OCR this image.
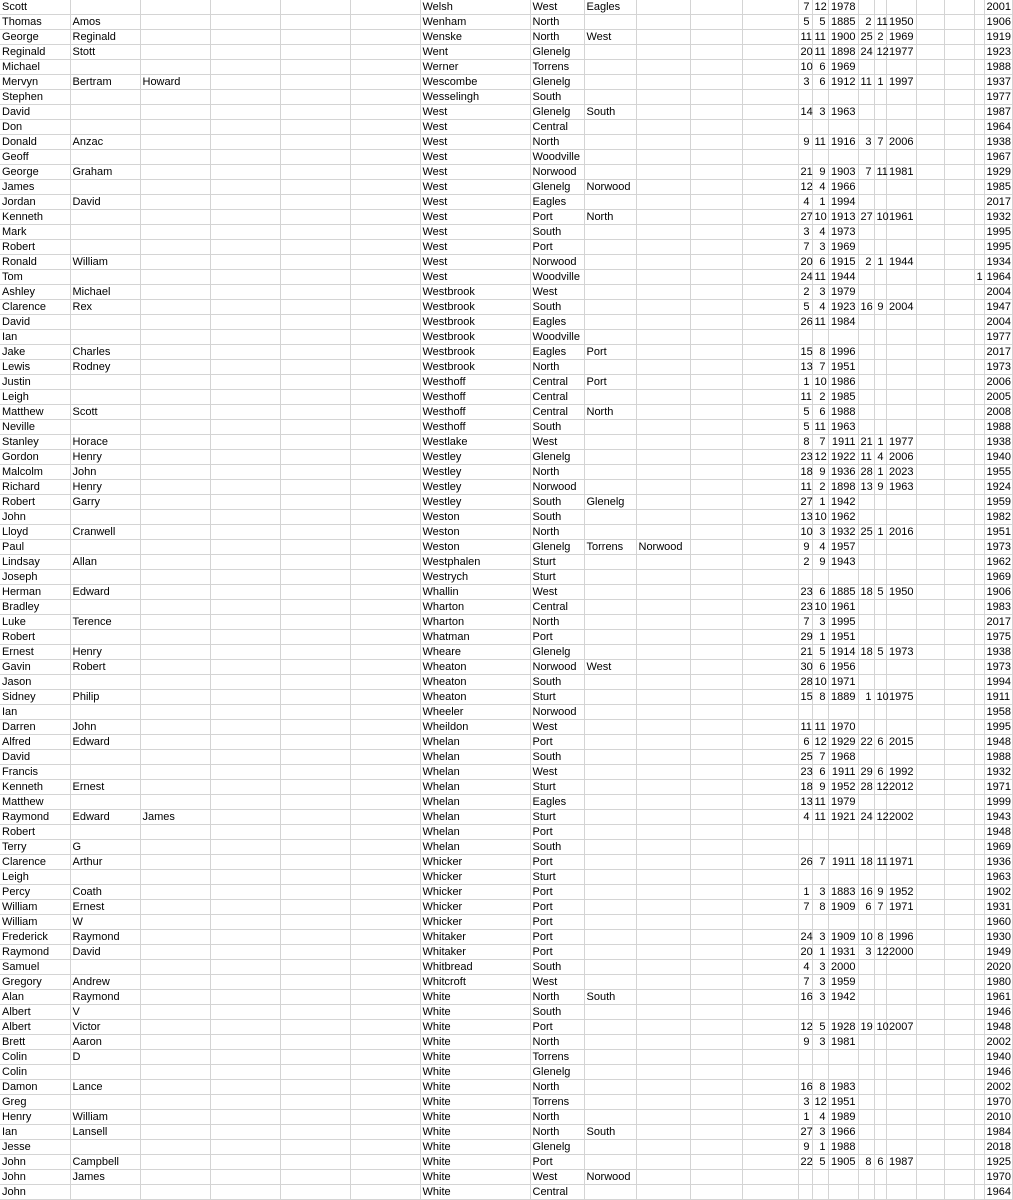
Scott						Welsh	West	Eagles				7	12	1978							2001
Thomas	Amos					Wenham	North					5	5	1885	2	11	1950				1906
George	Reginald					Wenske	North	West				11	11	1900	25	2	1969				1919
Reginald	Stott					Went	Glenelg					20	11	1898	24	12	1977				1923
Michael						Werner	Torrens					10	6	1969							1988
Mervyn	Bertram	Howard				Wescombe	Glenelg					3	6	1912	11	1	1997				1937
Stephen						Wesselingh	South														1977
David						West	Glenelg	South				14	3	1963							1987
Don						West	Central														1964
Donald	Anzac					West	North					9	11	1916	3	7	2006				1938
Geoff						West	Woodville														1967
George	Graham					West	Norwood					21	9	1903	7	11	1981				1929
James						West	Glenelg	Norwood				12	4	1966							1985
Jordan	David					West	Eagles					4	1	1994							2017
Kenneth						West	Port	North				27	10	1913	27	10	1961				1932
Mark						West	South					3	4	1973							1995
Robert						West	Port					7	3	1969							1995
Ronald	William					West	Norwood					20	6	1915	2	1	1944				1934
Tom						West	Woodville					24	11	1944						1	1964
Ashley	Michael					Westbrook	West					2	3	1979							2004
Clarence	Rex					Westbrook	South					5	4	1923	16	9	2004				1947
David						Westbrook	Eagles					26	11	1984							2004
Ian						Westbrook	Woodville														1977
Jake	Charles					Westbrook	Eagles	Port				15	8	1996							2017
Lewis	Rodney					Westbrook	North					13	7	1951							1973
Justin						Westhoff	Central	Port				1	10	1986							2006
Leigh						Westhoff	Central					11	2	1985							2005
Matthew	Scott					Westhoff	Central	North				5	6	1988							2008
Neville						Westhoff	South					5	11	1963							1988
Stanley	Horace					Westlake	West					8	7	1911	21	1	1977				1938
Gordon	Henry					Westley	Glenelg					23	12	1922	11	4	2006				1940
Malcolm	John					Westley	North					18	9	1936	28	1	2023				1955
Richard	Henry					Westley	Norwood					11	2	1898	13	9	1963				1924
Robert	Garry					Westley	South	Glenelg				27	1	1942							1959
John						Weston	South					13	10	1962							1982
Lloyd	Cranwell					Weston	North					10	3	1932	25	1	2016				1951
Paul						Weston	Glenelg	Torrens	Norwood			9	4	1957							1973
Lindsay	Allan					Westphalen	Sturt					2	9	1943							1962
Joseph						Westrych	Sturt														1969
Herman	Edward					Whallin	West					23	6	1885	18	5	1950				1906
Bradley						Wharton	Central					23	10	1961							1983
Luke	Terence					Wharton	North					7	3	1995							2017
Robert						Whatman	Port					29	1	1951							1975
Ernest	Henry					Wheare	Glenelg					21	5	1914	18	5	1973				1938
Gavin	Robert					Wheaton	Norwood	West				30	6	1956							1973
Jason						Wheaton	South					28	10	1971							1994
Sidney	Philip					Wheaton	Sturt					15	8	1889	1	10	1975				1911
Ian						Wheeler	Norwood														1958
Darren	John					Wheildon	West					11	11	1970							1995
Alfred	Edward					Whelan	Port					6	12	1929	22	6	2015				1948
David						Whelan	South					25	7	1968							1988
Francis						Whelan	West					23	6	1911	29	6	1992				1932
Kenneth	Ernest					Whelan	Sturt					18	9	1952	28	12	2012				1971
Matthew						Whelan	Eagles					13	11	1979							1999
Raymond	Edward	James				Whelan	Sturt					4	11	1921	24	12	2002				1943
Robert						Whelan	Port														1948
Terry	G					Whelan	South														1969
Clarence	Arthur					Whicker	Port					26	7	1911	18	11	1971				1936
Leigh						Whicker	Sturt														1963
Percy	Coath					Whicker	Port					1	3	1883	16	9	1952				1902
William	Ernest					Whicker	Port					7	8	1909	6	7	1971				1931
William	W					Whicker	Port														1960
Frederick	Raymond					Whitaker	Port					24	3	1909	10	8	1996				1930
Raymond	David					Whitaker	Port					20	1	1931	3	12	2000				1949
Samuel						Whitbread	South					4	3	2000							2020
Gregory	Andrew					Whitcroft	West					7	3	1959							1980
Alan	Raymond					White	North	South				16	3	1942							1961
Albert	V					White	South														1946
Albert	Victor					White	Port					12	5	1928	19	10	2007				1948
Brett	Aaron					White	North					9	3	1981							2002
Colin	D					White	Torrens														1940
Colin						White	Glenelg														1946
Damon	Lance					White	North					16	8	1983							2002
Greg						White	Torrens					3	12	1951							1970
Henry	William					White	North					1	4	1989							2010
Ian	Lansell					White	North	South				27	3	1966							1984
Jesse						White	Glenelg					9	1	1988							2018
John	Campbell					White	Port					22	5	1905	8	6	1987				1925
John	James					White	West	Norwood													1970
John						White	Central														1964
